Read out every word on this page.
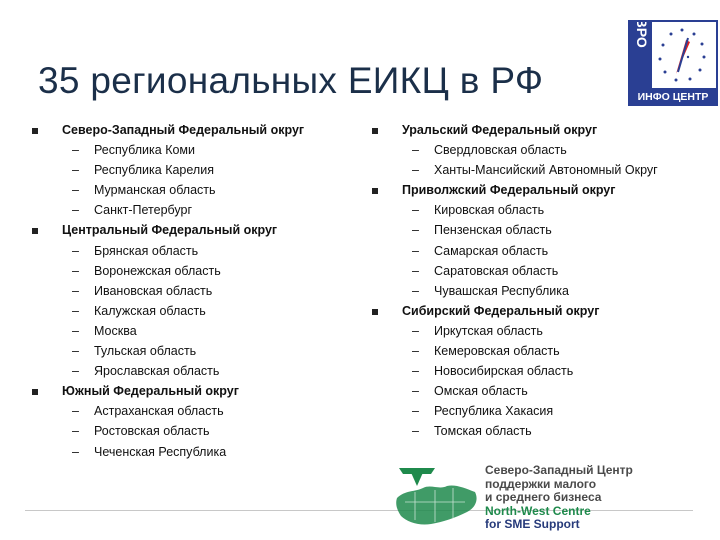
35 региональных ЕИКЦ в РФ
ЕВРО
ИНФО ЦЕНТР
Северо-Западный Федеральный округ
– Республика Коми
– Республика Карелия
– Мурманская область
– Санкт-Петербург
Центральный Федеральный округ
– Брянская область
– Воронежская область
– Ивановская область
– Калужская область
– Москва
– Тульская область
– Ярославская область
Южный Федеральный округ
– Астраханская область
– Ростовская область
– Чеченская Республика
Уральский Федеральный округ
– Свердловская область
– Ханты-Мансийский Автономный Округ
Приволжский Федеральный округ
– Кировская область
– Пензенская область
– Самарская область
– Саратовская область
– Чувашская Республика
Сибирский Федеральный округ
– Иркутская область
– Кемеровская область
– Новосибирская область
– Омская область
– Республика Хакасия
– Томская область
Северо-Западный Центр
поддержки малого
и среднего бизнеса
North-West Centre
for SME Support
